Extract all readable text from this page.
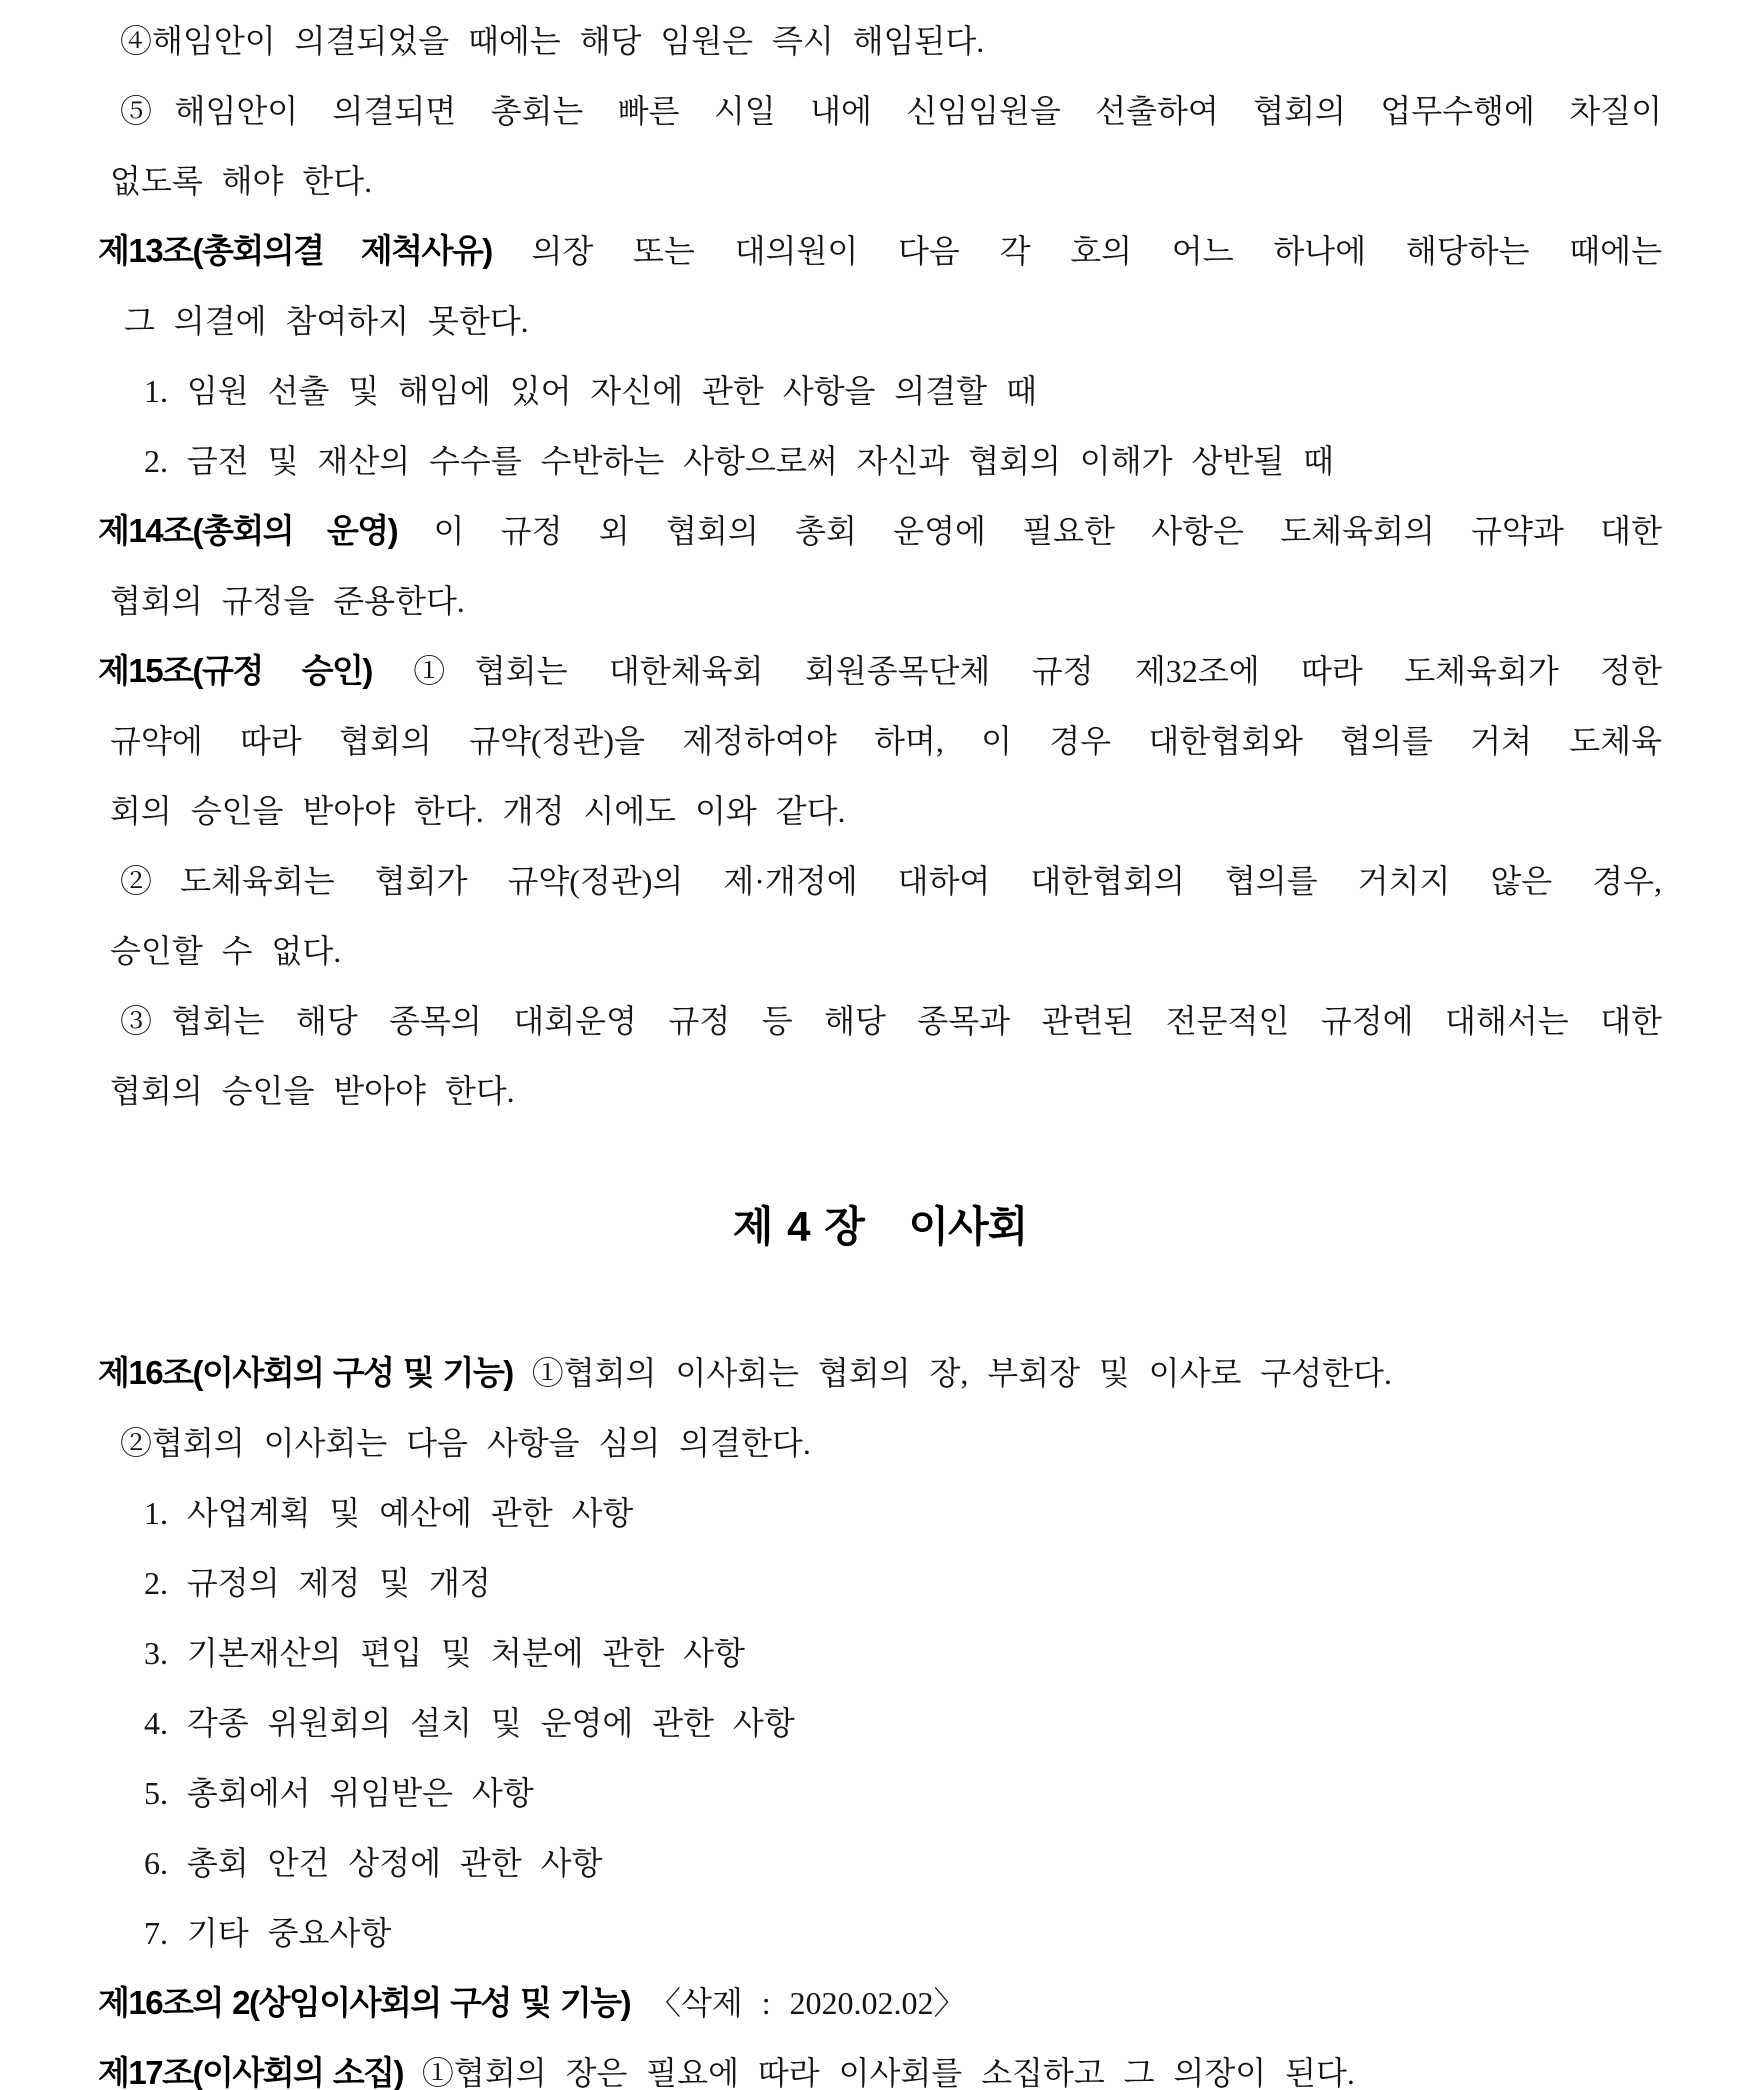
④해임안이 의결되었을 때에는 해당 임원은 즉시 해임된다.
⑤해임안이 의결되면 총회는 빠른 시일 내에 신임임원을 선출하여 협회의 업무수행에 차질이
없도록 해야 한다.
제13조(총회의결 제척사유) 의장 또는 대의원이 다음 각 호의 어느 하나에 해당하는 때에는
그 의결에 참여하지 못한다.
1. 임원 선출 및 해임에 있어 자신에 관한 사항을 의결할 때
2. 금전 및 재산의 수수를 수반하는 사항으로써 자신과 협회의 이해가 상반될 때
제14조(총회의 운영) 이 규정 외 협회의 총회 운영에 필요한 사항은 도체육회의 규약과 대한
협회의 규정을 준용한다.
제15조(규정 승인) ①협회는 대한체육회 회원종목단체 규정 제32조에 따라 도체육회가 정한
규약에 따라 협회의 규약(정관)을 제정하여야 하며, 이 경우 대한협회와 협의를 거쳐 도체육
회의 승인을 받아야 한다. 개정 시에도 이와 같다.
②도체육회는 협회가 규약(정관)의 제·개정에 대하여 대한협회의 협의를 거치지 않은 경우,
승인할 수 없다.
③협회는 해당 종목의 대회운영 규정 등 해당 종목과 관련된 전문적인 규정에 대해서는 대한
협회의 승인을 받아야 한다.
제 4 장   이사회
제16조(이사회의 구성 및 기능) ①협회의 이사회는 협회의 장, 부회장 및 이사로 구성한다.
②협회의 이사회는 다음 사항을 심의 의결한다.
1. 사업계획 및 예산에 관한 사항
2. 규정의 제정 및 개정
3. 기본재산의 편입 및 처분에 관한 사항
4. 각종 위원회의 설치 및 운영에 관한 사항
5. 총회에서 위임받은 사항
6. 총회 안건 상정에 관한 사항
7. 기타 중요사항
제16조의 2(상임이사회의 구성 및 기능) 〈삭제 : 2020.02.02〉
제17조(이사회의 소집) ①협회의 장은 필요에 따라 이사회를 소집하고 그 의장이 된다.
